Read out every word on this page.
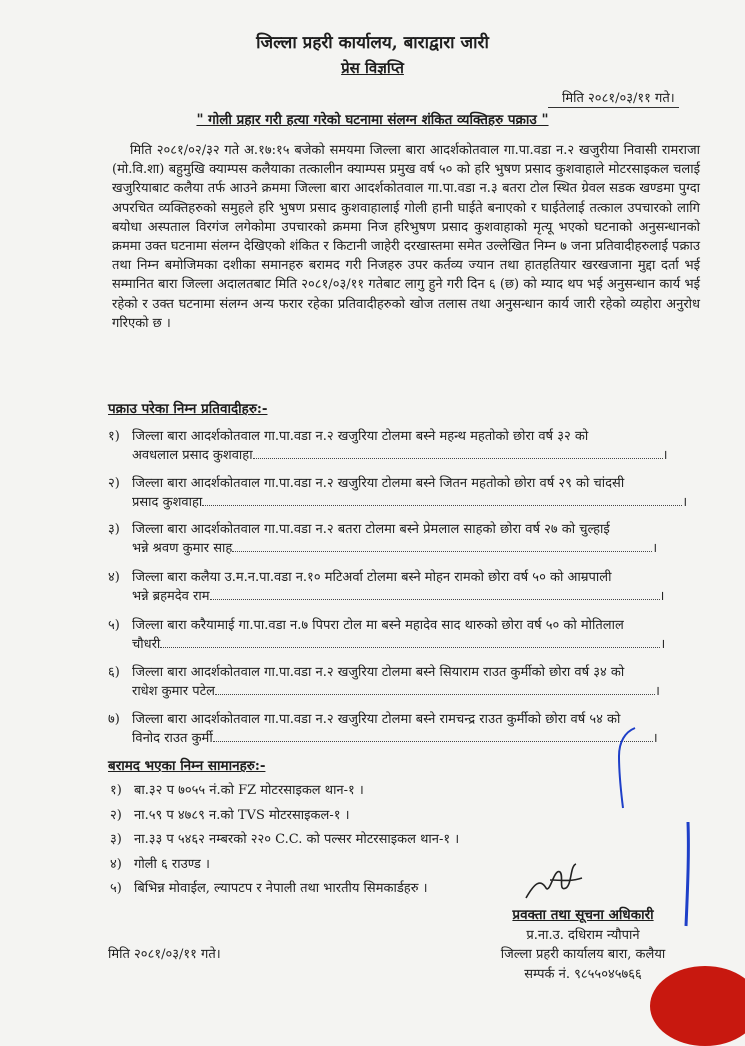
जिल्ला प्रहरी कार्यालय, बाराद्वारा जारी
प्रेस विज्ञप्ति
मिति २०८१/०३/११ गते।
" गोली प्रहार गरी हत्या गरेको घटनामा संलग्न शंकित व्यक्तिहरु पक्राउ "
मिति २०८१/०२/३२ गते अ.१७:१५ बजेको समयमा जिल्ला बारा आदर्शकोतवाल गा.पा.वडा न.२ खजुरीया निवासी रामराजा (मो.वि.शा) बहुमुखि क्याम्पस कलैयाका तत्कालीन क्याम्पस प्रमुख वर्ष ५० को हरि भुषण प्रसाद कुशवाहाले मोटरसाइकल चलाई खजुरियाबाट कलैया तर्फ आउने क्रममा जिल्ला बारा आदर्शकोतवाल गा.पा.वडा न.३ बतरा टोल स्थित ग्रेवल सडक खण्डमा पुग्दा अपरचित व्यक्तिहरुको समुहले हरि भुषण प्रसाद कुशवाहालाई गोली हानी घाईते बनाएको र घाईतेलाई तत्काल उपचारको लागि बयोधा अस्पताल विरगंज लगेकोमा उपचारको क्रममा निज हरिभुषण प्रसाद कुशवाहाको मृत्यू भएको घटनाको अनुसन्धानको क्रममा उक्त घटनामा संलग्न देखिएको शंकित र किटानी जाहेरी दरखास्तमा समेत उल्लेखित निम्न ७ जना प्रतिवादीहरुलाई पक्राउ तथा निम्न बमोजिमका दशीका समानहरु बरामद गरी निजहरु उपर कर्तव्य ज्यान तथा हातहतियार खरखजाना मुद्दा दर्ता भई सम्मानित बारा जिल्ला अदालतबाट मिति २०८१/०३/११ गतेबाट लागु हुने गरी दिन ६ (छ) को म्याद थप भई अनुसन्धान कार्य भई रहेको र उक्त घटनामा संलग्न अन्य फरार रहेका प्रतिवादीहरुको खोज तलास तथा अनुसन्धान कार्य जारी रहेको व्यहोरा अनुरोध गरिएको छ ।
पक्राउ परेका निम्न प्रतिवादीहरु:-
१) जिल्ला बारा आदर्शकोतवाल गा.पा.वडा न.२ खजुरिया टोलमा बस्ने महन्थ महतोको छोरा वर्ष ३२ को
अवधलाल प्रसाद कुशवाहा	।
२) जिल्ला बारा आदर्शकोतवाल गा.पा.वडा न.२ खजुरिया टोलमा बस्ने जितन महतोको छोरा वर्ष २९ को चांदसी
प्रसाद कुशवाहा	।
३) जिल्ला बारा आदर्शकोतवाल गा.पा.वडा न.२ बतरा टोलमा बस्ने प्रेमलाल साहको छोरा वर्ष २७ को चुल्हाई
भन्ने श्रवण कुमार साह	।
४) जिल्ला बारा कलैया उ.म.न.पा.वडा न.१० मटिअर्वा टोलमा बस्ने मोहन रामको छोरा वर्ष ५० को आम्रपाली
भन्ने ब्रहमदेव राम	।
५) जिल्ला बारा करैयामाई गा.पा.वडा न.७ पिपरा टोल मा बस्ने महादेव साद थारुको छोरा वर्ष ५० को मोतिलाल
चौधरी	।
६) जिल्ला बारा आदर्शकोतवाल गा.पा.वडा न.२ खजुरिया टोलमा बस्ने सियाराम राउत कुर्मीको छोरा वर्ष ३४ को
राधेश कुमार पटेल	।
७) जिल्ला बारा आदर्शकोतवाल गा.पा.वडा न.२ खजुरिया टोलमा बस्ने रामचन्द्र राउत कुर्मीको छोरा वर्ष ५४ को
विनोद राउत कुर्मी	।
बरामद भएका निम्न सामानहरु:-
१) बा.३२ प ७०५५ नं.को FZ मोटरसाइकल थान-१ ।
२) ना.५९ प ४७८९ न.को TVS मोटरसाइकल-१ ।
३) ना.३३ प ५४६२ नम्बरको २२० C.C. को पल्सर मोटरसाइकल थान-१ ।
४) गोली ६ राउण्ड ।
५) बिभिन्न मोवाईल, ल्यापटप र नेपाली तथा भारतीय सिमकार्डहरु ।
प्रवक्ता तथा सूचना अधिकारी
प्र.ना.उ. दधिराम न्यौपाने
जिल्ला प्रहरी कार्यालय बारा, कलैया
सम्पर्क नं. ९८५५०४५७६६
मिति २०८१/०३/११ गते।
